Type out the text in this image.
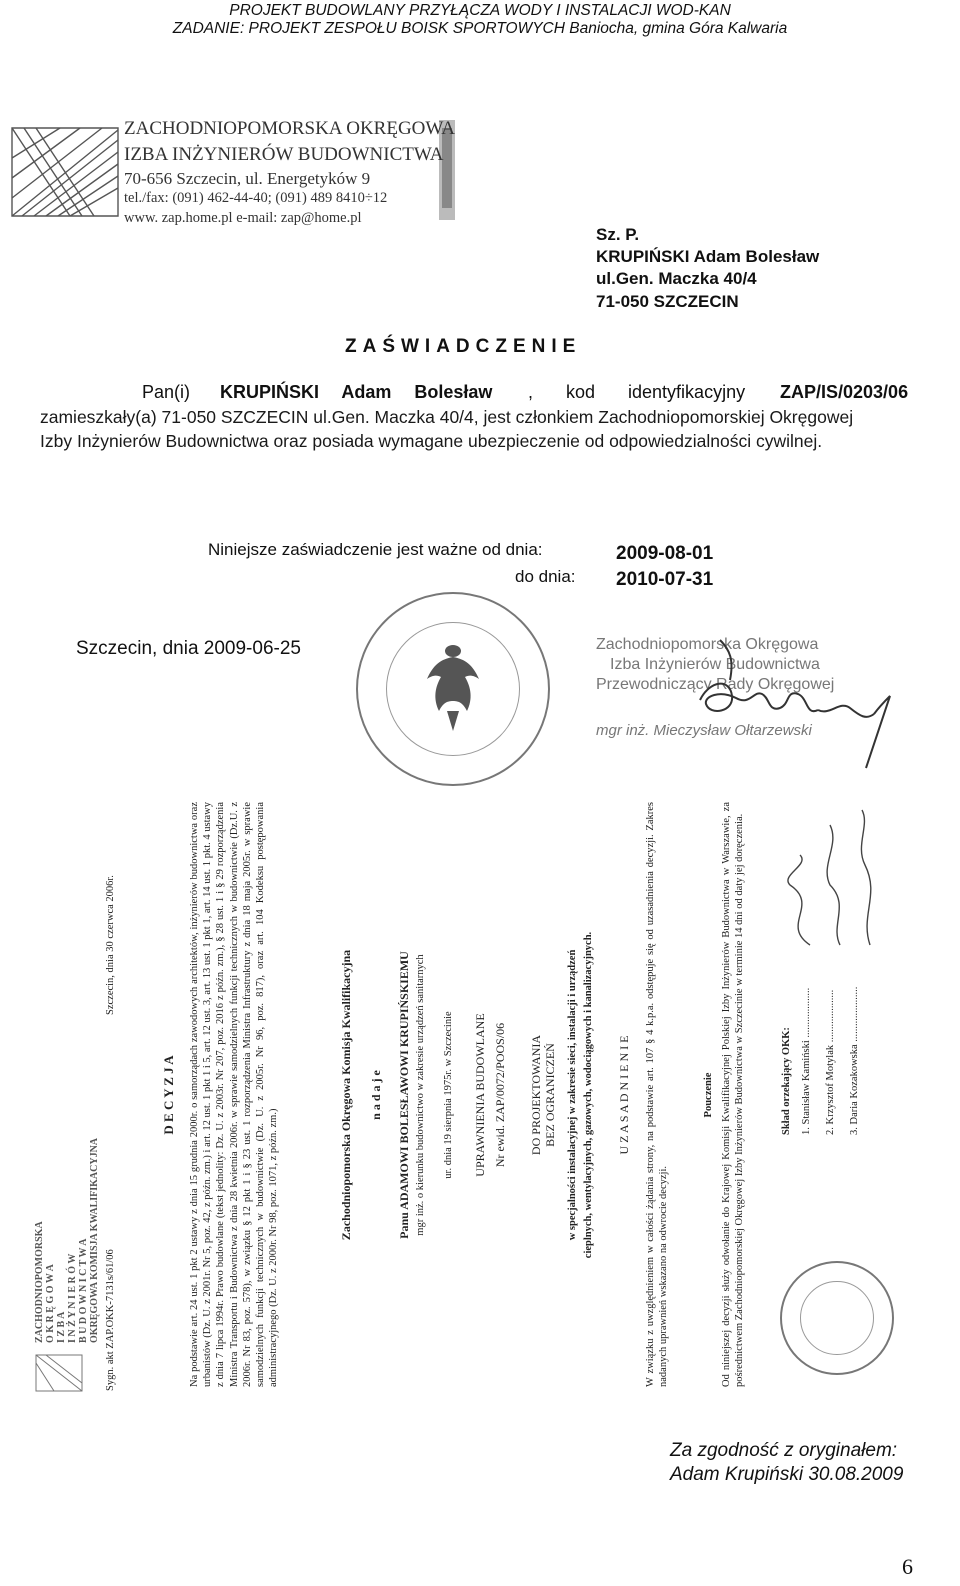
PROJEKT BUDOWLANY PRZYŁĄCZA WODY I INSTALACJI WOD-KAN
ZADANIE: PROJEKT ZESPOŁU BOISK SPORTOWYCH Baniocha, gmina Góra Kalwaria
ZACHODNIOPOMORSKA OKRĘGOWA
IZBA INŻYNIERÓW BUDOWNICTWA
70-656 Szczecin, ul. Energetyków 9
tel./fax: (091) 462-44-40; (091) 489 8410÷12
www. zap.home.pl e-mail: zap@home.pl
Sz. P.
KRUPIŃSKI Adam Bolesław
ul.Gen. Maczka 40/4
71-050 SZCZECIN
ZAŚWIADCZENIE
Pan(i) KRUPIŃSKI Adam Bolesław , kod identyfikacyjny ZAP/IS/0203/06
zamieszkały(a) 71-050 SZCZECIN ul.Gen. Maczka 40/4, jest członkiem Zachodniopomorskiej Okręgowej
Izby Inżynierów Budownictwa oraz posiada wymagane ubezpieczenie od odpowiedzialności cywilnej.
Niniejsze zaświadczenie jest ważne od dnia:	2009-08-01
do dnia: 2010-07-31
Szczecin, dnia 2009-06-25	Zachodniopomorska Okręgowa
Izba Inżynierów Budownictwa
Przewodniczący Rady Okręgowej
mgr inż. Mieczysław Ołtarzewski
ZACHODNIOPOMORSKA O K R Ę G O W A I Z B A I N Ż Y N I E R Ó W B U D O W N I C T W A OKRĘGOWA KOMISJA KWALIFIKACYJNA Sygn. akt ZAP.OKK-7131s/61/06
Szczecin, dnia 30 czerwca 2006r.
D E C Y Z J A Na podstawie art. 24 ust. 1 pkt 2 ustawy z dnia 15 grudnia 2000r. o samorządach zawodowych architektów, inżynierów budownictwa oraz urbanistów (Dz. U. z 2001r. Nr 5, poz. 42, z późn. zm.) i art. 12 ust. 1 pkt 1 i 5, art. 12 ust. 3, art. 13 ust. 1 pkt 1, art. 14 ust. 1 pkt. 4 ustawy z dnia 7 lipca 1994r. Prawo budowlane (tekst jednolity: Dz. U. z 2003r. Nr 207, poz. 2016 z późn. zm.), § 28 ust. 1 i § 29 rozporządzenia Ministra Transportu i Budownictwa z dnia 28 kwietnia 2006r. w sprawie samodzielnych funkcji technicznych w budownictwie (Dz.U. z 2006r. Nr 83, poz. 578), w związku § 12 pkt 1 i § 23 ust. 1 rozporządzenia Ministra Infrastruktury z dnia 18 maja 2005r. w sprawie samodzielnych funkcji technicznych w budownictwie (Dz. U. z 2005r. Nr 96, poz. 817), oraz art. 104 Kodeksu postępowania administracyjnego (Dz. U. z 2000r. Nr 98, poz. 1071, z późn. zm.)
Zachodniopomorska Okręgowa Komisja Kwalifikacyjna n a d a j e Panu ADAMOWI BOLESŁAWOWI KRUPIŃSKIEMU mgr inż. o kierunku budownictwo w zakresie urządzeń sanitarnych ur. dnia 19 sierpnia 1975r. w Szczecinie UPRAWNIENIA BUDOWLANE Nr ewid. ZAP/0072/POOS/06 DO PROJEKTOWANIA BEZ OGRANICZEŃ w specjalności instalacyjnej w zakresie sieci, instalacji i urządzeń cieplnych, wentylacyjnych, gazowych, wodociągowych i kanalizacyjnych. U Z A S A D N I E N I E W związku z uwzględnieniem w całości żądania strony, na podstawie art. 107 § 4 k.p.a. odstępuje się od uzasadnienia decyzji. Zakres nadanych uprawnień wskazano na odwrocie decyzji.
Pouczenie Od niniejszej decyzji służy odwołanie do Krajowej Komisji Kwalifikacyjnej Polskiej Izby Inżynierów Budownictwa w Warszawie, za pośrednictwem Zachodniopomorskiej Okręgowej Izby Inżynierów Budownictwa w Szczecinie w terminie 14 dni od daty jej doręczenia.	Skład orzekający OKK: 1. Stanisław Kamiński ................... 2. Krzysztof Motylak .................... 3. Daria Kozakowska .....................
Za zgodność z oryginałem:
Adam Krupiński 30.08.2009
6
